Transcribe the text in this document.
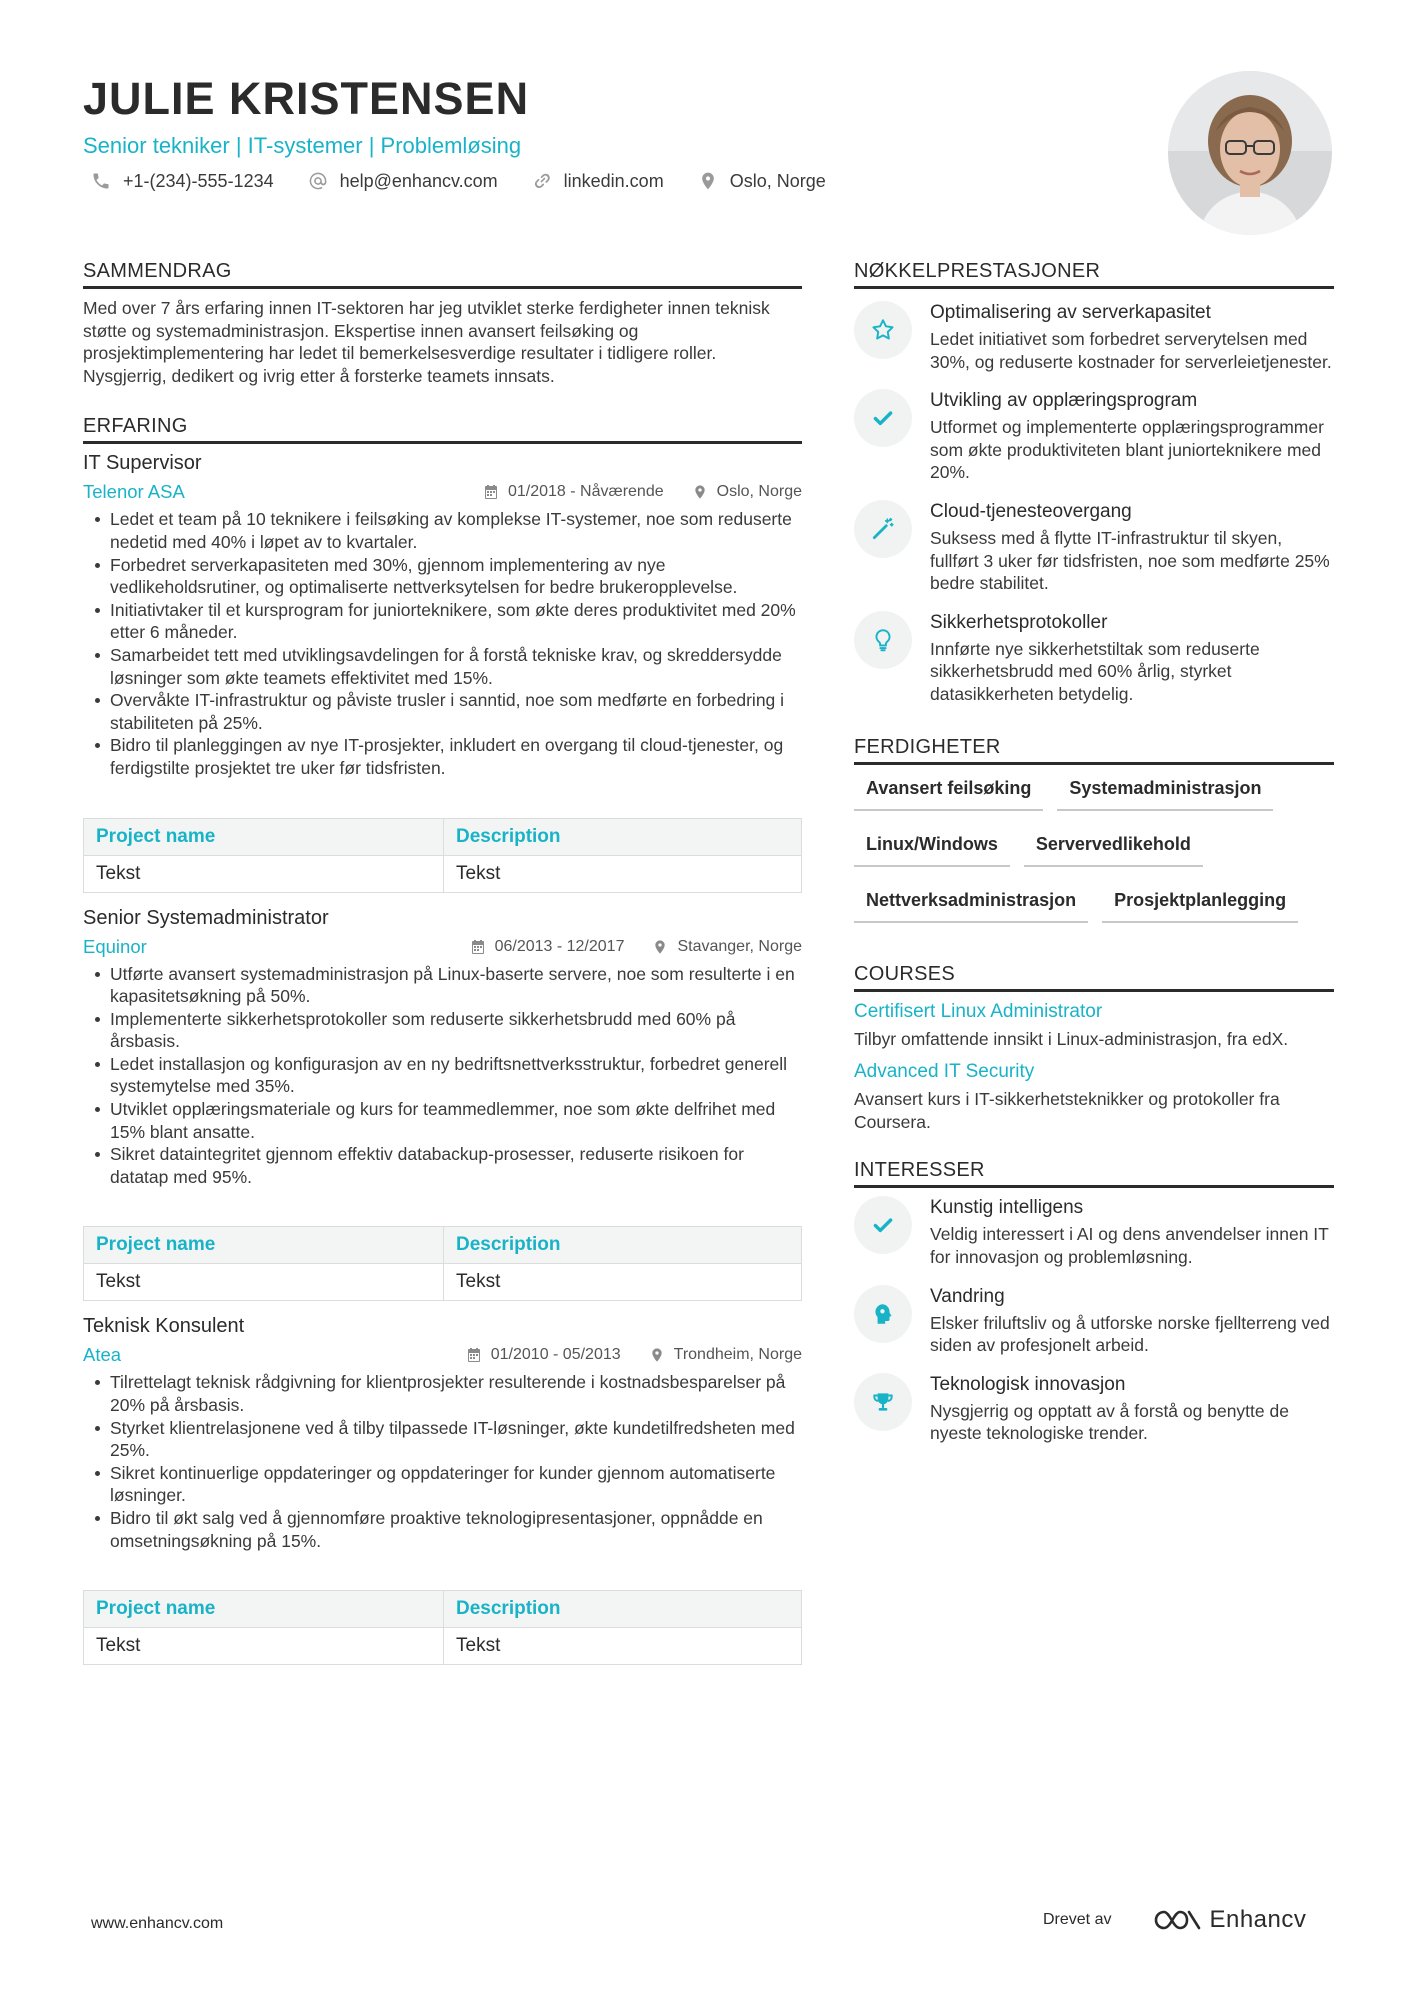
JULIE KRISTENSEN
Senior tekniker | IT-systemer | Problemløsing
+1-(234)-555-1234	help@enhancv.com	linkedin.com	Oslo, Norge
SAMMENDRAG
Med over 7 års erfaring innen IT-sektoren har jeg utviklet sterke ferdigheter innen teknisk støtte og systemadministrasjon. Ekspertise innen avansert feilsøking og prosjektimplementering har ledet til bemerkelsesverdige resultater i tidligere roller. Nysgjerrig, dedikert og ivrig etter å forsterke teamets innsats.
ERFARING
IT Supervisor
Telenor ASA	01/2018 - Nåværende	Oslo, Norge
Ledet et team på 10 teknikere i feilsøking av komplekse IT-systemer, noe som reduserte nedetid med 40% i løpet av to kvartaler.
Forbedret serverkapasiteten med 30%, gjennom implementering av nye vedlikeholdsrutiner, og optimaliserte nettverksytelsen for bedre brukeropplevelse.
Initiativtaker til et kursprogram for juniorteknikere, som økte deres produktivitet med 20% etter 6 måneder.
Samarbeidet tett med utviklingsavdelingen for å forstå tekniske krav, og skreddersydde løsninger som økte teamets effektivitet med 15%.
Overvåkte IT-infrastruktur og påviste trusler i sanntid, noe som medførte en forbedring i stabiliteten på 25%.
Bidro til planleggingen av nye IT-prosjekter, inkludert en overgang til cloud-tjenester, og ferdigstilte prosjektet tre uker før tidsfristen.
Project name	Description
Tekst	Tekst
Senior Systemadministrator
Equinor	06/2013 - 12/2017	Stavanger, Norge
Utførte avansert systemadministrasjon på Linux-baserte servere, noe som resulterte i en kapasitetsøkning på 50%.
Implementerte sikkerhetsprotokoller som reduserte sikkerhetsbrudd med 60% på årsbasis.
Ledet installasjon og konfigurasjon av en ny bedriftsnettverksstruktur, forbedret generell systemytelse med 35%.
Utviklet opplæringsmateriale og kurs for teammedlemmer, noe som økte delfrihet med 15% blant ansatte.
Sikret dataintegritet gjennom effektiv databackup-prosesser, reduserte risikoen for datatap med 95%.
Project name	Description
Tekst	Tekst
Teknisk Konsulent
Atea	01/2010 - 05/2013	Trondheim, Norge
Tilrettelagt teknisk rådgivning for klientprosjekter resulterende i kostnadsbesparelser på 20% på årsbasis.
Styrket klientrelasjonene ved å tilby tilpassede IT-løsninger, økte kundetilfredsheten med 25%.
Sikret kontinuerlige oppdateringer og oppdateringer for kunder gjennom automatiserte løsninger.
Bidro til økt salg ved å gjennomføre proaktive teknologipresentasjoner, oppnådde en omsetningsøkning på 15%.
Project name	Description
Tekst	Tekst
NØKKELPRESTASJONER
Optimalisering av serverkapasitet
Ledet initiativet som forbedret serverytelsen med 30%, og reduserte kostnader for serverleietjenester.
Utvikling av opplæringsprogram
Utformet og implementerte opplæringsprogrammer som økte produktiviteten blant juniorteknikere med 20%.
Cloud-tjenesteovergang
Suksess med å flytte IT-infrastruktur til skyen, fullført 3 uker før tidsfristen, noe som medførte 25% bedre stabilitet.
Sikkerhetsprotokoller
Innførte nye sikkerhetstiltak som reduserte sikkerhetsbrudd med 60% årlig, styrket datasikkerheten betydelig.
FERDIGHETER
Avansert feilsøking	Systemadministrasjon
Linux/Windows	Servervedlikehold
Nettverksadministrasjon	Prosjektplanlegging
COURSES
Certifisert Linux Administrator
Tilbyr omfattende innsikt i Linux-administrasjon, fra edX.
Advanced IT Security
Avansert kurs i IT-sikkerhetsteknikker og protokoller fra Coursera.
INTERESSER
Kunstig intelligens
Veldig interessert i AI og dens anvendelser innen IT for innovasjon og problemløsning.
Vandring
Elsker friluftsliv og å utforske norske fjellterreng ved siden av profesjonelt arbeid.
Teknologisk innovasjon
Nysgjerrig og opptatt av å forstå og benytte de nyeste teknologiske trender.
www.enhancv.com	Drevet av	Enhancv
